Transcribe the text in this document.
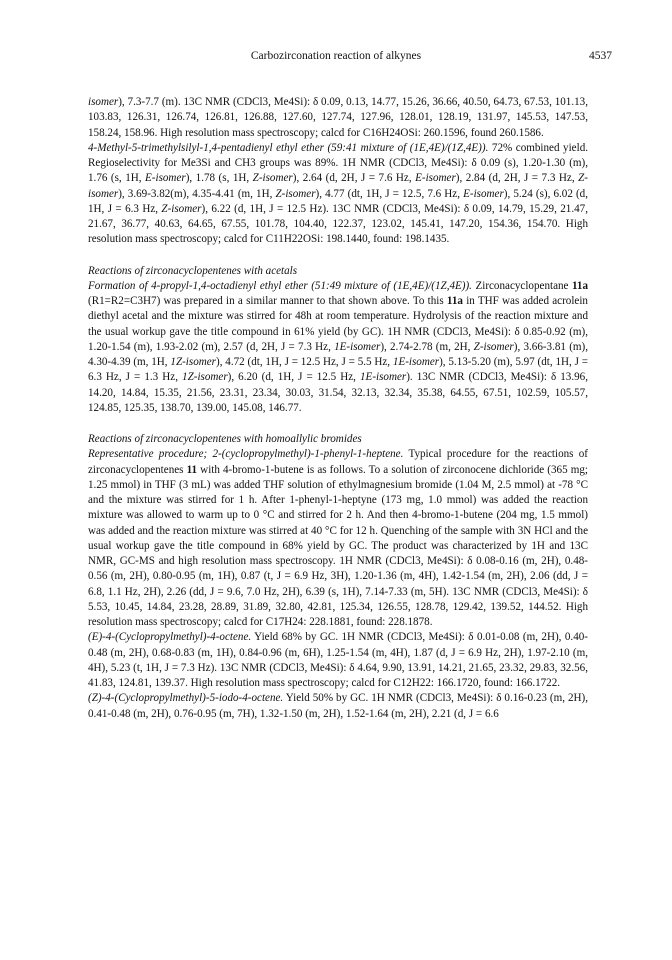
Carbozirconation reaction of alkynes	4537

isomer), 7.3-7.7 (m). 13C NMR (CDCl3, Me4Si): δ 0.09, 0.13, 14.77, 15.26, 36.66, 40.50, 64.73, 67.53, 101.13, 103.83, 126.31, 126.74, 126.81, 126.88, 127.60, 127.74, 127.96, 128.01, 128.19, 131.97, 145.53, 147.53, 158.24, 158.96. High resolution mass spectroscopy; calcd for C16H24OSi: 260.1596, found 260.1586.

4-Methyl-5-trimethylsilyl-1,4-pentadienyl ethyl ether (59:41 mixture of (1E,4E)/(1Z,4E)). 72% combined yield. Regioselectivity for Me3Si and CH3 groups was 89%. 1H NMR (CDCl3, Me4Si): δ 0.09 (s), 1.20-1.30 (m), 1.76 (s, 1H, E-isomer), 1.78 (s, 1H, Z-isomer), 2.64 (d, 2H, J = 7.6 Hz, E-isomer), 2.84 (d, 2H, J = 7.3 Hz, Z-isomer), 3.69-3.82(m), 4.35-4.41 (m, 1H, Z-isomer), 4.77 (dt, 1H, J = 12.5, 7.6 Hz, E-isomer), 5.24 (s), 6.02 (d, 1H, J = 6.3 Hz, Z-isomer), 6.22 (d, 1H, J = 12.5 Hz). 13C NMR (CDCl3, Me4Si): δ 0.09, 14.79, 15.29, 21.47, 21.67, 36.77, 40.63, 64.65, 67.55, 101.78, 104.40, 122.37, 123.02, 145.41, 147.20, 154.36, 154.70. High resolution mass spectroscopy; calcd for C11H22OSi: 198.1440, found: 198.1435.

Reactions of zirconacyclopentenes with acetals

Formation of 4-propyl-1,4-octadienyl ethyl ether (51:49 mixture of (1E,4E)/(1Z,4E)). Zirconacyclopentane 11a (R1=R2=C3H7) was prepared in a similar manner to that shown above. To this 11a in THF was added acrolein diethyl acetal and the mixture was stirred for 48h at room temperature. Hydrolysis of the reaction mixture and the usual workup gave the title compound in 61% yield (by GC). 1H NMR (CDCl3, Me4Si): δ 0.85-0.92 (m), 1.20-1.54 (m), 1.93-2.02 (m), 2.57 (d, 2H, J = 7.3 Hz, 1E-isomer), 2.74-2.78 (m, 2H, Z-isomer), 3.66-3.81 (m), 4.30-4.39 (m, 1H, 1Z-isomer), 4.72 (dt, 1H, J = 12.5 Hz, J = 5.5 Hz, 1E-isomer), 5.13-5.20 (m), 5.97 (dt, 1H, J = 6.3 Hz, J = 1.3 Hz, 1Z-isomer), 6.20 (d, 1H, J = 12.5 Hz, 1E-isomer). 13C NMR (CDCl3, Me4Si): δ 13.96, 14.20, 14.84, 15.35, 21.56, 23.31, 23.34, 30.03, 31.54, 32.13, 32.34, 35.38, 64.55, 67.51, 102.59, 105.57, 124.85, 125.35, 138.70, 139.00, 145.08, 146.77.

Reactions of zirconacyclopentenes with homoallylic bromides

Representative procedure; 2-(cyclopropylmethyl)-1-phenyl-1-heptene. Typical procedure for the reactions of zirconacyclopentenes 11 with 4-bromo-1-butene is as follows. To a solution of zirconocene dichloride (365 mg; 1.25 mmol) in THF (3 mL) was added THF solution of ethylmagnesium bromide (1.04 M, 2.5 mmol) at -78 °C and the mixture was stirred for 1 h. After 1-phenyl-1-heptyne (173 mg, 1.0 mmol) was added the reaction mixture was allowed to warm up to 0 °C and stirred for 2 h. And then 4-bromo-1-butene (204 mg, 1.5 mmol) was added and the reaction mixture was stirred at 40 °C for 12 h. Quenching of the sample with 3N HCl and the usual workup gave the title compound in 68% yield by GC. The product was characterized by 1H and 13C NMR, GC-MS and high resolution mass spectroscopy. 1H NMR (CDCl3, Me4Si): δ 0.08-0.16 (m, 2H), 0.48-0.56 (m, 2H), 0.80-0.95 (m, 1H), 0.87 (t, J = 6.9 Hz, 3H), 1.20-1.36 (m, 4H), 1.42-1.54 (m, 2H), 2.06 (dd, J = 6.8, 1.1 Hz, 2H), 2.26 (dd, J = 9.6, 7.0 Hz, 2H), 6.39 (s, 1H), 7.14-7.33 (m, 5H). 13C NMR (CDCl3, Me4Si): δ 5.53, 10.45, 14.84, 23.28, 28.89, 31.89, 32.80, 42.81, 125.34, 126.55, 128.78, 129.42, 139.52, 144.52. High resolution mass spectroscopy; calcd for C17H24: 228.1881, found: 228.1878.

(E)-4-(Cyclopropylmethyl)-4-octene. Yield 68% by GC. 1H NMR (CDCl3, Me4Si): δ 0.01-0.08 (m, 2H), 0.40-0.48 (m, 2H), 0.68-0.83 (m, 1H), 0.84-0.96 (m, 6H), 1.25-1.54 (m, 4H), 1.87 (d, J = 6.9 Hz, 2H), 1.97-2.10 (m, 4H), 5.23 (t, 1H, J = 7.3 Hz). 13C NMR (CDCl3, Me4Si): δ 4.64, 9.90, 13.91, 14.21, 21.65, 23.32, 29.83, 32.56, 41.83, 124.81, 139.37. High resolution mass spectroscopy; calcd for C12H22: 166.1720, found: 166.1722.

(Z)-4-(Cyclopropylmethyl)-5-iodo-4-octene. Yield 50% by GC. 1H NMR (CDCl3, Me4Si): δ 0.16-0.23 (m, 2H), 0.41-0.48 (m, 2H), 0.76-0.95 (m, 7H), 1.32-1.50 (m, 2H), 1.52-1.64 (m, 2H), 2.21 (d, J = 6.6
